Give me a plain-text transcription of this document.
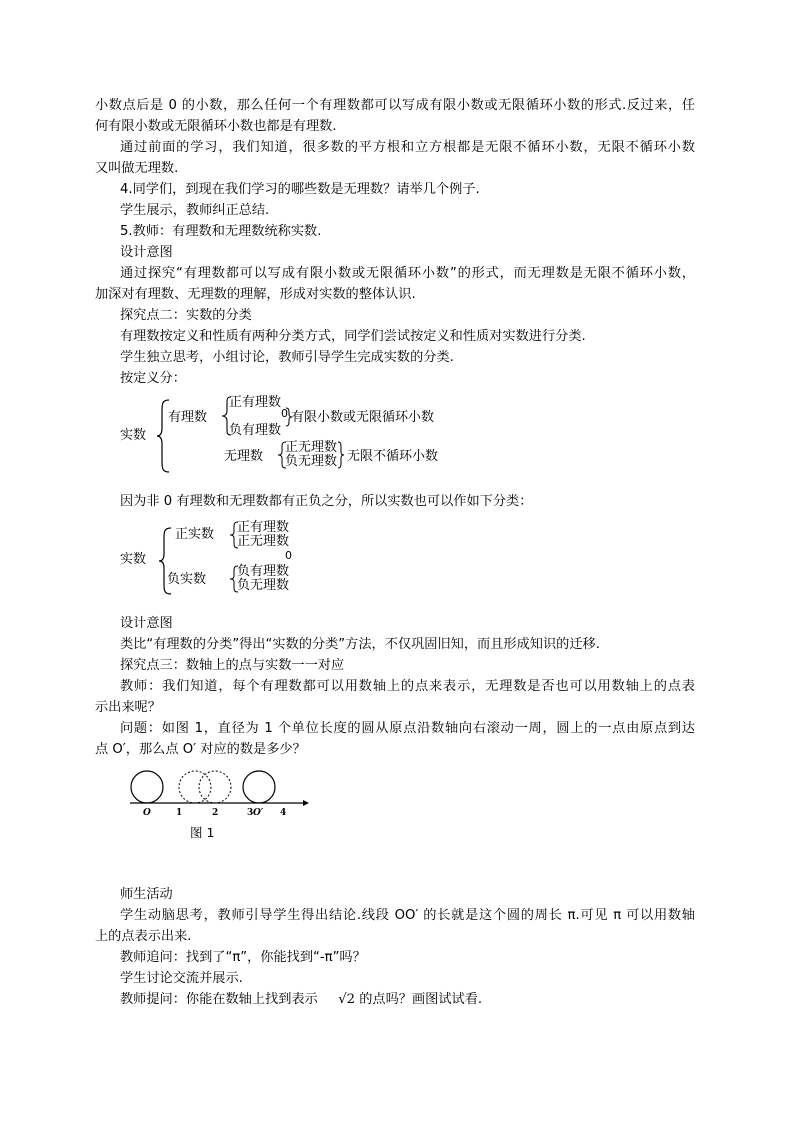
小数点后是 0 的小数，那么任何一个有理数都可以写成有限小数或无限循环小数的形式.反过来，任
何有限小数或无限循环小数也都是有理数.
通过前面的学习，我们知道，很多数的平方根和立方根都是无限不循环小数，无限不循环小数
又叫做无理数.
4.同学们，到现在我们学习的哪些数是无理数？请举几个例子.
学生展示，教师纠正总结.
5.教师：有理数和无理数统称实数.
设计意图
通过探究“有理数都可以写成有限小数或无限循环小数”的形式，而无理数是无限不循环小数，
加深对有理数、无理数的理解，形成对实数的整体认识.
探究点二：实数的分类
有理数按定义和性质有两种分类方式，同学们尝试按定义和性质对实数进行分类.
学生独立思考，小组讨论，教师引导学生完成实数的分类.
按定义分：
实数
有理数
正有理数
0 有限小数或无限循环小数
负有理数
无理数
正无理数
负无理数 无限不循环小数
因为非 0 有理数和无理数都有正负之分，所以实数也可以作如下分类：
实数
正实数 正有理数
正无理数
0
负实数
负有理数
负无理数
设计意图
类比“有理数的分类”得出“实数的分类”方法，不仅巩固旧知，而且形成知识的迁移.
探究点三：数轴上的点与实数一一对应
教师：我们知道，每个有理数都可以用数轴上的点来表示，无理数是否也可以用数轴上的点表
示出来呢？
问题：如图 1，直径为 1 个单位长度的圆从原点沿数轴向右滚动一周，圆上的一点由原点到达
点 O′，那么点 O′ 对应的数是多少？
O	1	2	3 O′ 4
图 1
师生活动
学生动脑思考，教师引导学生得出结论.线段 OO′ 的长就是这个圆的周长 π.可见 π 可以用数轴
上的点表示出来.
教师追问：找到了“π”，你能找到“-π”吗？
学生讨论交流并展示.
教师提问：你能在数轴上找到表示 √2 的点吗？画图试试看.
